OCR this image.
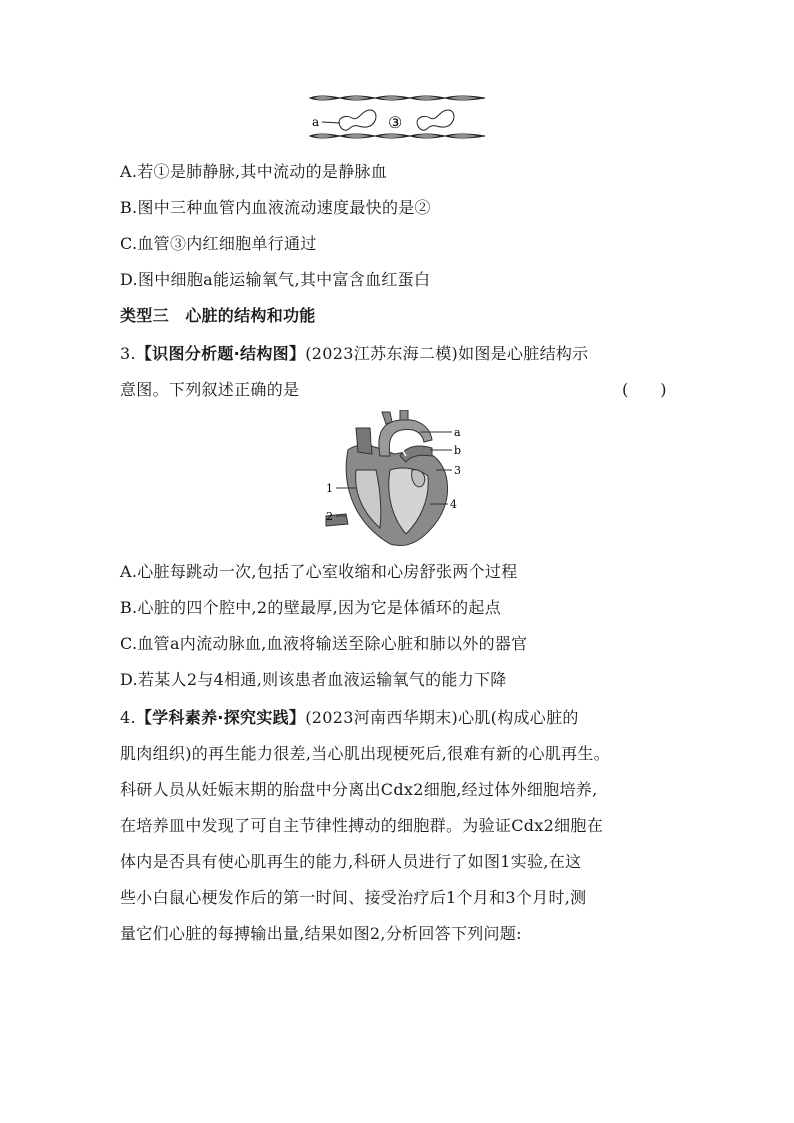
a	③
A.若①是肺静脉,其中流动的是静脉血
B.图中三种血管内血液流动速度最快的是②
C.血管③内红细胞单行通过
D.图中细胞a能运输氧气,其中富含血红蛋白
类型三　心脏的结构和功能
3.【识图分析题·结构图】(2023江苏东海二模)如图是心脏结构示
意图。下列叙述正确的是	(　　)
a
b
3
4
1
2
A.心脏每跳动一次,包括了心室收缩和心房舒张两个过程
B.心脏的四个腔中,2的壁最厚,因为它是体循环的起点
C.血管a内流动脉血,血液将输送至除心脏和肺以外的器官
D.若某人2与4相通,则该患者血液运输氧气的能力下降
4.【学科素养·探究实践】(2023河南西华期末)心肌(构成心脏的
肌肉组织)的再生能力很差,当心肌出现梗死后,很难有新的心肌再生。
科研人员从妊娠末期的胎盘中分离出Cdx2细胞,经过体外细胞培养,
在培养皿中发现了可自主节律性搏动的细胞群。为验证Cdx2细胞在
体内是否具有使心肌再生的能力,科研人员进行了如图1实验,在这
些小白鼠心梗发作后的第一时间、接受治疗后1个月和3个月时,测
量它们心脏的每搏输出量,结果如图2,分析回答下列问题:
